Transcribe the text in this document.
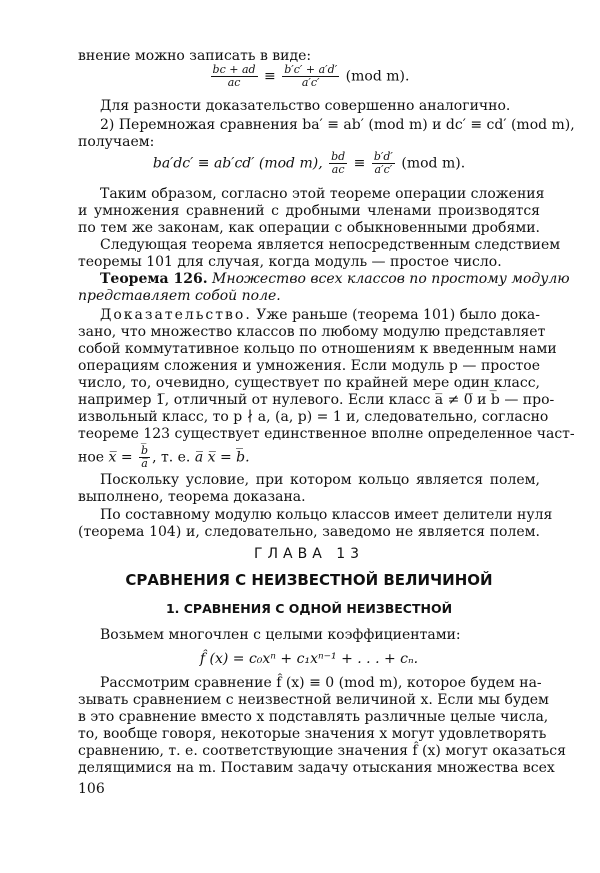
внение можно записать в виде:
$\frac{bc + ad}{ac} \equiv \frac{b'c' + a'd'}{a'c'} (mod$ m).
Для разности доказательство совершенно аналогично.
2) Перемножая сравнения ba′ ≡ ab′ (mod m) и dc′ ≡ cd′ (mod m),
получаем:
ba′dc′ ≡ ab′cd′ (mod m), $\frac{bd}{ac} \equiv \frac{b'd'}{a'c'} (mod$ m).
Таким образом, согласно этой теореме операции сложения
и умножения сравнений с дробными членами производятся
по тем же законам, как операции с обыкновенными дробями.
Следующая теорема является непосредственным следствием
теоремы 101 для случая, когда модуль — простое число.
Теорема 126. Множество всех классов по простому модулю
представляет собой поле.
Доказательство. Уже раньше (теорема 101) было дока-
зано, что множество классов по любому модулю представляет
собой коммутативное кольцо по отношениям к введенным нами
операциям сложения и умножения. Если модуль p — простое
число, то, очевидно, существует по крайней мере один класс,
например 1̅, отличный от нулевого. Если класс a̅ ≠ 0̅ и b̅ — про-
извольный класс, то p ∤ a, (a, p) = 1 и, следовательно, согласно
теореме 123 существует единственное вполне определенное част-
ное x̅ = $\frac{b̅}{a̅}$ , т. е. a̅ x̅ = b̅.
Поскольку условие, при котором кольцо является полем,
выполнено, теорема доказана.
По составному модулю кольцо классов имеет делители нуля
(теорема 104) и, следовательно, заведомо не является полем.
ГЛАВА 13
СРАВНЕНИЯ С НЕИЗВЕСТНОЙ ВЕЛИЧИНОЙ
1. СРАВНЕНИЯ С ОДНОЙ НЕИЗВЕСТНОЙ
Возьмем многочлен с целыми коэффициентами:
f̂ (x) = c₀xⁿ + c₁xⁿ⁻¹ + . . . + cₙ.
Рассмотрим сравнение f̂ (x) ≡ 0 (mod m), которое будем на-
зывать сравнением с неизвестной величиной x. Если мы будем
в это сравнение вместо x подставлять различные целые числа,
то, вообще говоря, некоторые значения x могут удовлетворять
сравнению, т. е. соответствующие значения f̂ (x) могут оказаться
делящимися на m. Поставим задачу отыскания множества всех
106
